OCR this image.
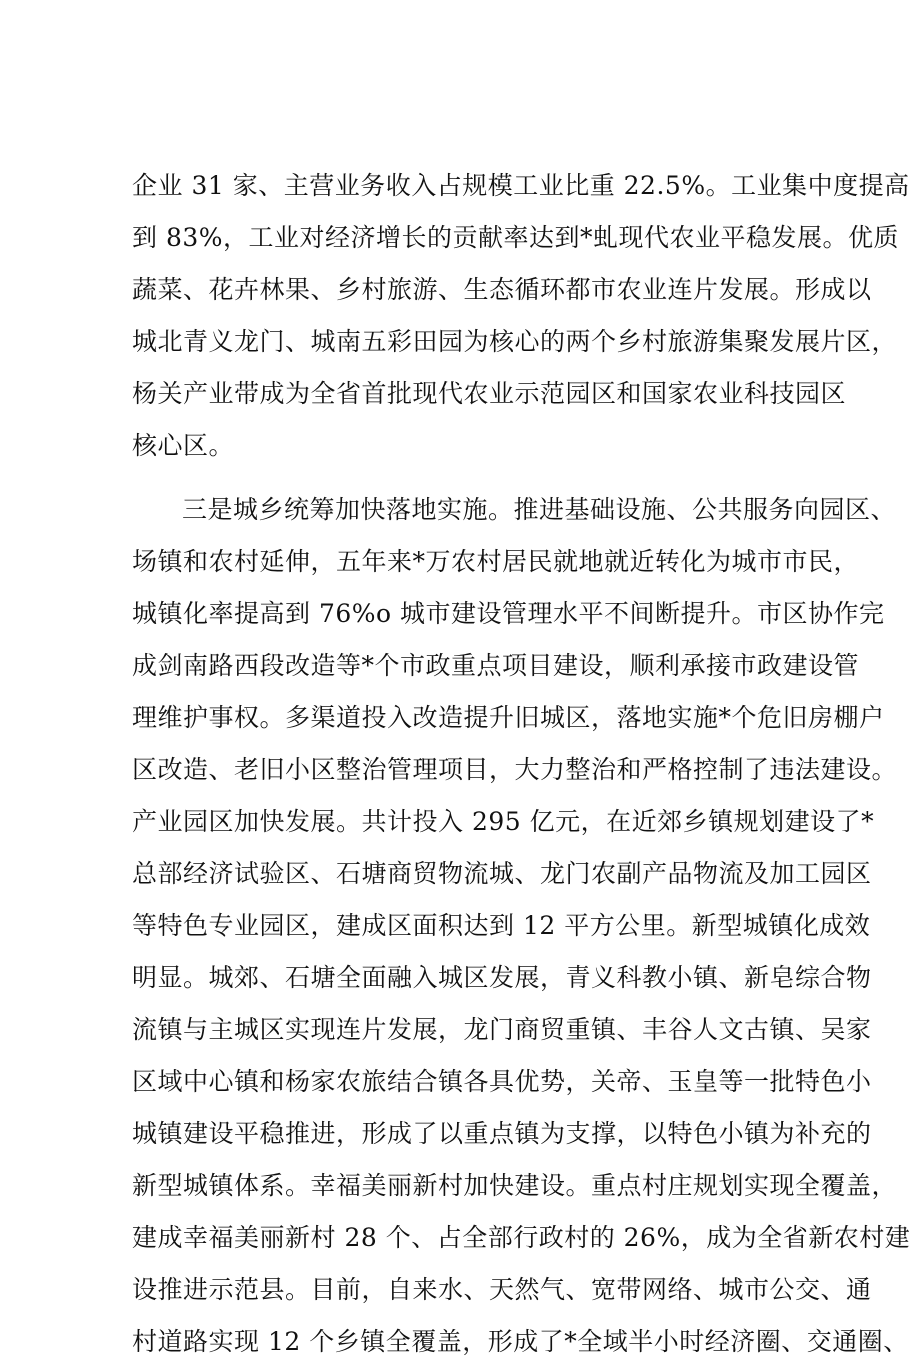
企业 31 家、主营业务收入占规模工业比重 22.5%。工业集中度提高
到 83%，工业对经济增长的贡献率达到*虬现代农业平稳发展。优质
蔬菜、花卉林果、乡村旅游、生态循环都市农业连片发展。形成以
城北青义龙门、城南五彩田园为核心的两个乡村旅游集聚发展片区，
杨关产业带成为全省首批现代农业示范园区和国家农业科技园区
核心区。
三是城乡统筹加快落地实施。推进基础设施、公共服务向园区、
场镇和农村延伸，五年来*万农村居民就地就近转化为城市市民，
城镇化率提高到 76%o 城市建设管理水平不间断提升。市区协作完
成剑南路西段改造等*个市政重点项目建设，顺利承接市政建设管
理维护事权。多渠道投入改造提升旧城区，落地实施*个危旧房棚户
区改造、老旧小区整治管理项目，大力整治和严格控制了违法建设。
产业园区加快发展。共计投入 295 亿元，在近郊乡镇规划建设了*
总部经济试验区、石塘商贸物流城、龙门农副产品物流及加工园区
等特色专业园区，建成区面积达到 12 平方公里。新型城镇化成效
明显。城郊、石塘全面融入城区发展，青义科教小镇、新皂综合物
流镇与主城区实现连片发展，龙门商贸重镇、丰谷人文古镇、吴家
区域中心镇和杨家农旅结合镇各具优势，关帝、玉皇等一批特色小
城镇建设平稳推进，形成了以重点镇为支撑，以特色小镇为补充的
新型城镇体系。幸福美丽新村加快建设。重点村庄规划实现全覆盖，
建成幸福美丽新村 28 个、占全部行政村的 26%，成为全省新农村建
设推进示范县。目前，自来水、天然气、宽带网络、城市公交、通
村道路实现 12 个乡镇全覆盖，形成了*全域半小时经济圈、交通圈、
